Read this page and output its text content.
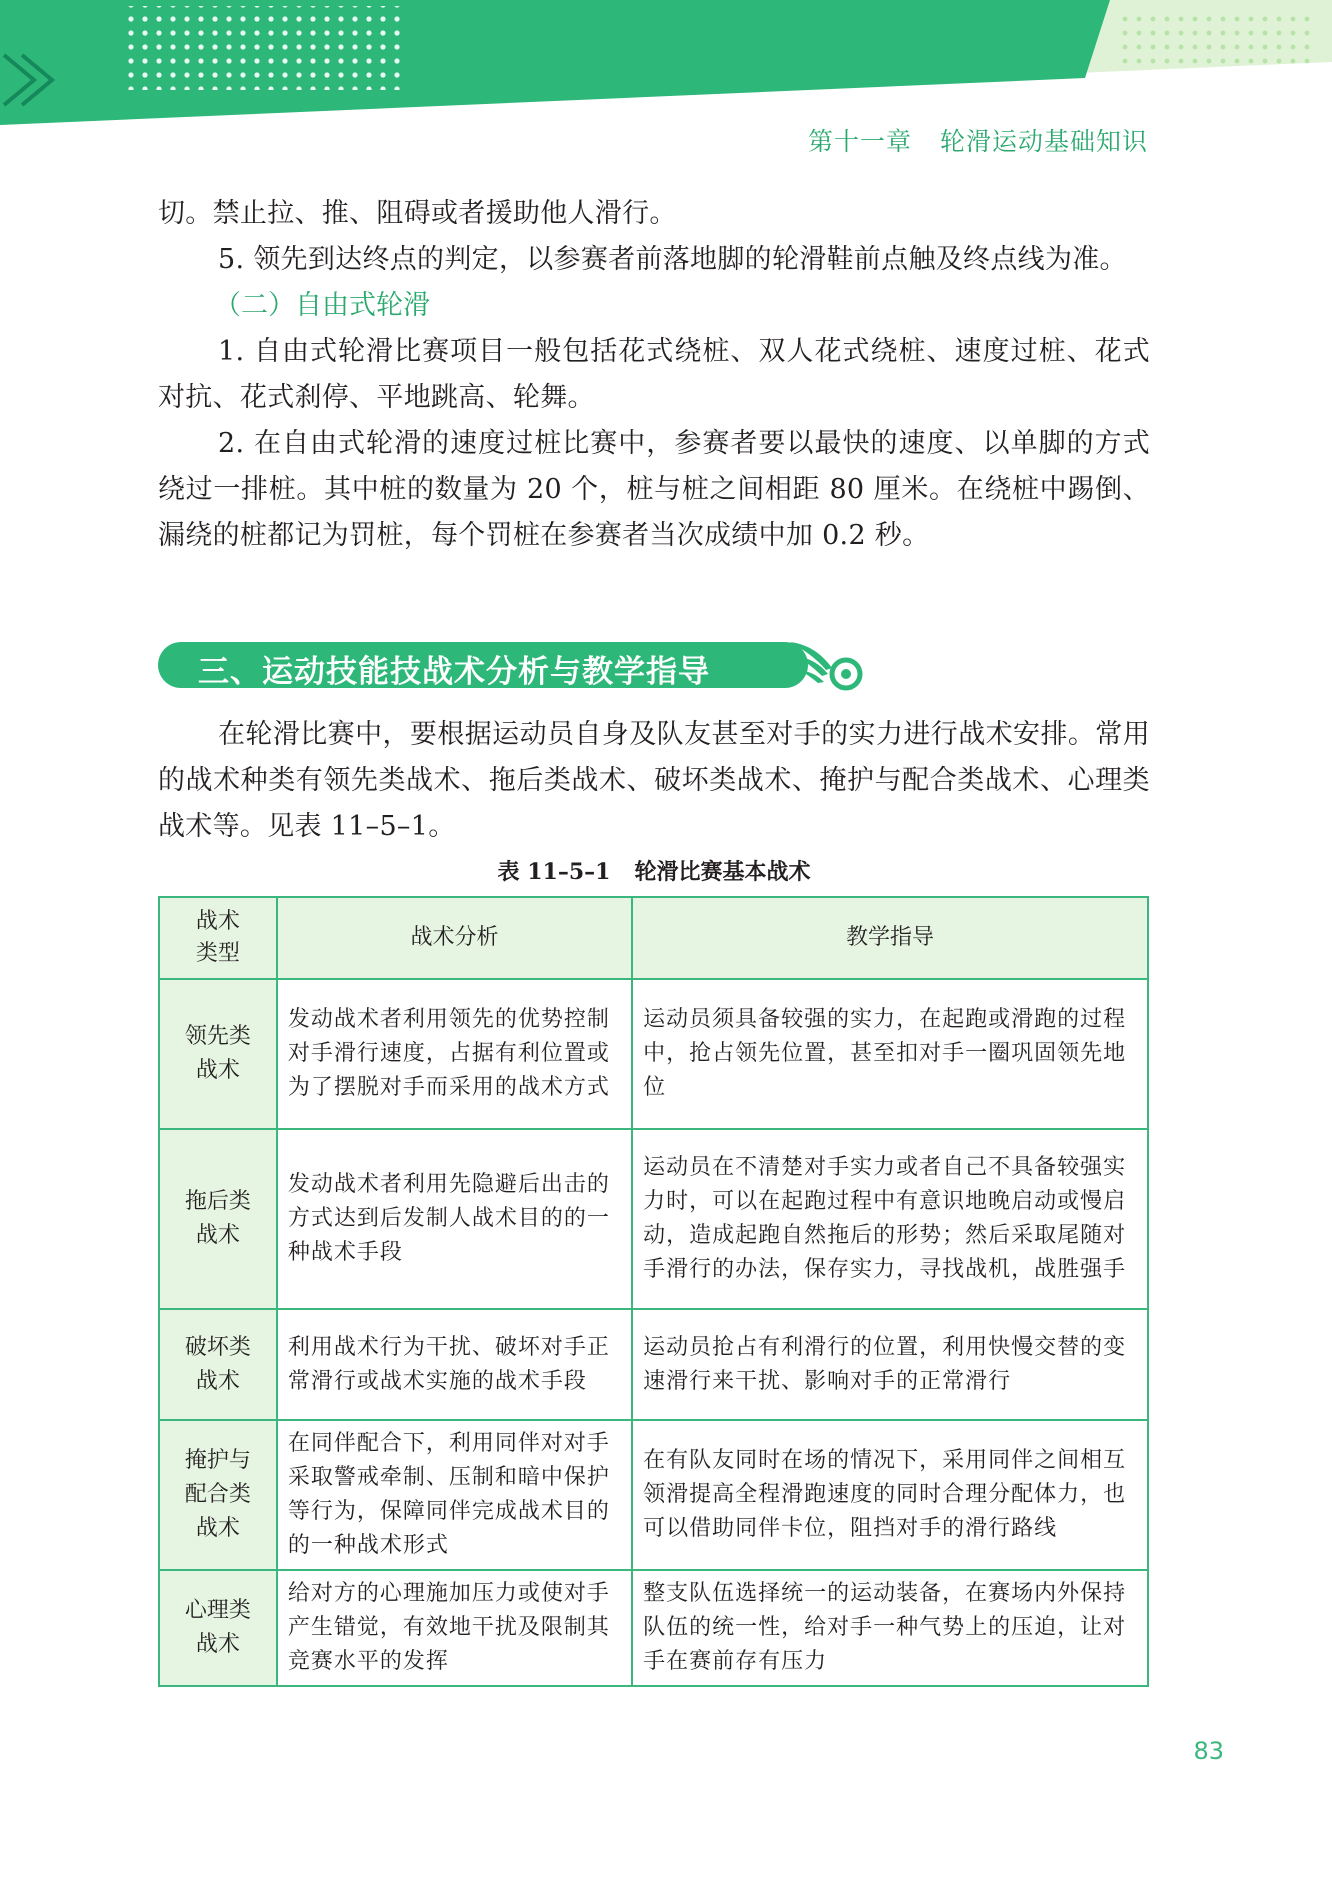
第十一章 轮滑运动基础知识

切。禁止拉、推、阻碍或者援助他人滑行。

5. 领先到达终点的判定，以参赛者前落地脚的轮滑鞋前点触及终点线为准。

（二）自由式轮滑

1. 自由式轮滑比赛项目一般包括花式绕桩、双人花式绕桩、速度过桩、花式对抗、花式刹停、平地跳高、轮舞。

2. 在自由式轮滑的速度过桩比赛中，参赛者要以最快的速度、以单脚的方式绕过一排桩。其中桩的数量为 20 个，桩与桩之间相距 80 厘米。在绕桩中踢倒、漏绕的桩都记为罚桩，每个罚桩在参赛者当次成绩中加 0.2 秒。

三、运动技能技战术分析与教学指导

在轮滑比赛中，要根据运动员自身及队友甚至对手的实力进行战术安排。常用的战术种类有领先类战术、拖后类战术、破坏类战术、掩护与配合类战术、心理类战术等。见表 11–5–1。

表 11–5–1 轮滑比赛基本战术
战术
类型	战术分析	教学指导
领先类
战术	发动战术者利用领先的优势控制对手滑行速度，占据有利位置或为了摆脱对手而采用的战术方式	运动员须具备较强的实力，在起跑或滑跑的过程中，抢占领先位置，甚至扣对手一圈巩固领先地位
拖后类
战术	发动战术者利用先隐避后出击的方式达到后发制人战术目的的一种战术手段	运动员在不清楚对手实力或者自己不具备较强实力时，可以在起跑过程中有意识地晚启动或慢启动，造成起跑自然拖后的形势；然后采取尾随对手滑行的办法，保存实力，寻找战机，战胜强手
破坏类
战术	利用战术行为干扰、破坏对手正常滑行或战术实施的战术手段	运动员抢占有利滑行的位置，利用快慢交替的变速滑行来干扰、影响对手的正常滑行
掩护与
配合类
战术	在同伴配合下，利用同伴对对手采取警戒牵制、压制和暗中保护等行为，保障同伴完成战术目的的一种战术形式	在有队友同时在场的情况下，采用同伴之间相互领滑提高全程滑跑速度的同时合理分配体力，也可以借助同伴卡位，阻挡对手的滑行路线
心理类
战术	给对方的心理施加压力或使对手产生错觉，有效地干扰及限制其竞赛水平的发挥	整支队伍选择统一的运动装备，在赛场内外保持队伍的统一性，给对手一种气势上的压迫，让对手在赛前存有压力
83
